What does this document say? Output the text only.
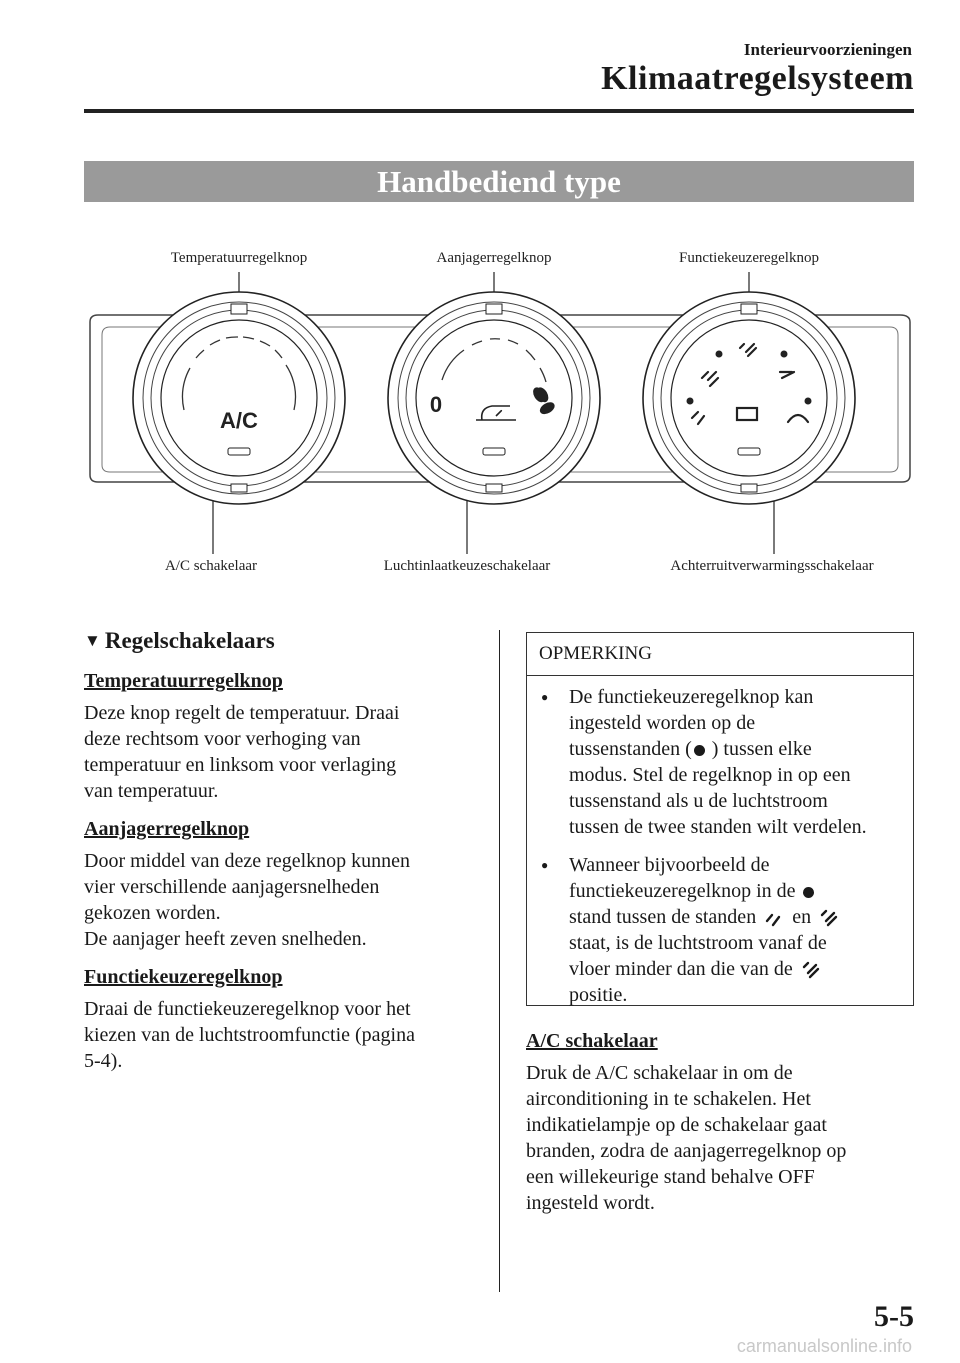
Interieurvoorzieningen
Klimaatregelsysteem
Handbediend type
Temperatuurregelknop	Aanjagerregelknop	Functiekeuzeregelknop
A/C schakelaar	Luchtinlaatkeuzeschakelaar	Achterruitverwarmingsschakelaar
A/C
0
▼ Regelschakelaars
Temperatuurregelknop
Deze knop regelt de temperatuur. Draai
deze rechtsom voor verhoging van
temperatuur en linksom voor verlaging
van temperatuur.
Aanjagerregelknop
Door middel van deze regelknop kunnen
vier verschillende aanjagersnelheden
gekozen worden.
De aanjager heeft zeven snelheden.
Functiekeuzeregelknop
Draai de functiekeuzeregelknop voor het
kiezen van de luchtstroomfunctie (pagina
5-4).
OPMERKING
●	De functiekeuzeregelknop kan
ingesteld worden op de
tussenstanden ( ) tussen elke
modus. Stel de regelknop in op een
tussenstand als u de luchtstroom
tussen de twee standen wilt verdelen.
●	Wanneer bijvoorbeeld de
functiekeuzeregelknop in de
stand tussen de standen en
staat, is de luchtstroom vanaf de
vloer minder dan die van de
positie.
A/C schakelaar
Druk de A/C schakelaar in om de
airconditioning in te schakelen. Het
indikatielampje op de schakelaar gaat
branden, zodra de aanjagerregelknop op
een willekeurige stand behalve OFF
ingesteld wordt.
5-5
carmanualsonline.info
